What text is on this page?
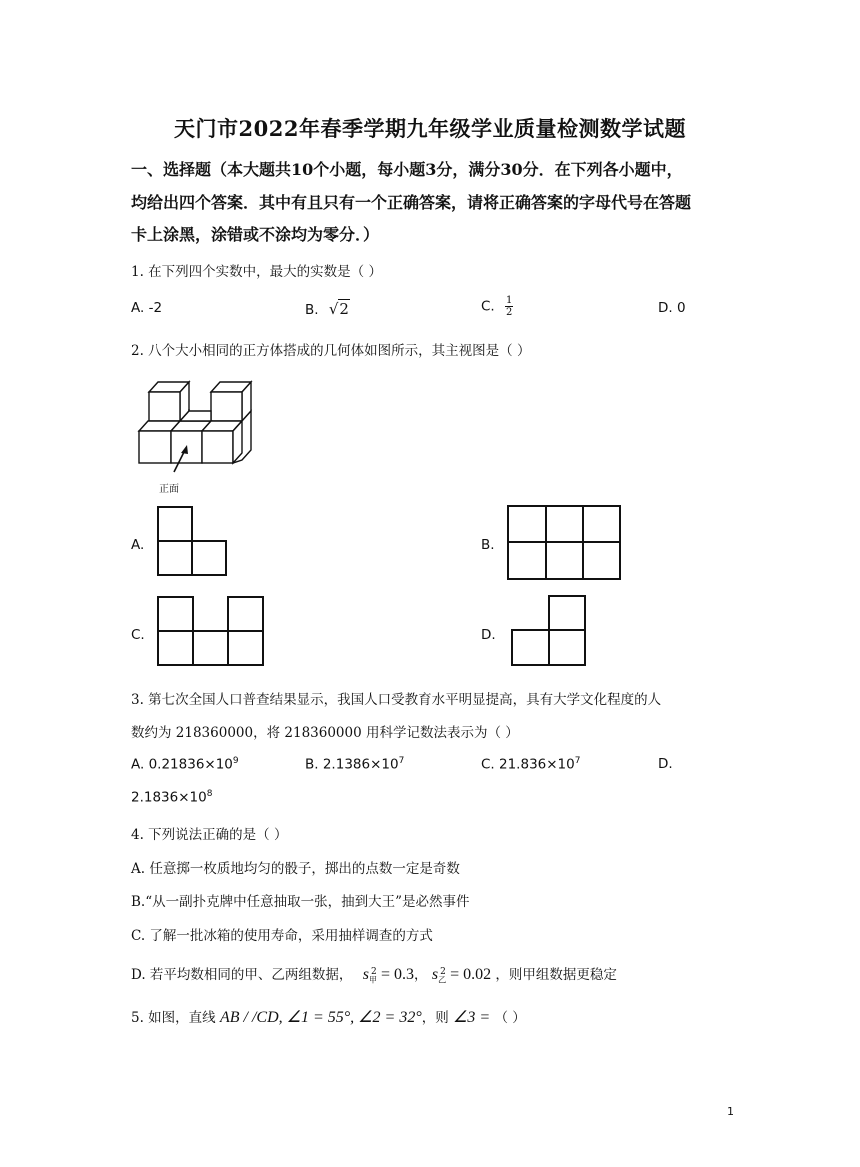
天门市2022年春季学期九年级学业质量检测数学试题
一、选择题（本大题共10个小题，每小题3分，满分30分．在下列各小题中，
均给出四个答案．其中有且只有一个正确答案，请将正确答案的字母代号在答题
卡上涂黑，涂错或不涂均为零分．）
1. 在下列四个实数中，最大的实数是（ ）
A. -2	B. √2	C. $\frac{1}{2}$	D. 0
2. 八个大小相同的正方体搭成的几何体如图所示，其主视图是（ ）
正面
A.	B.
C.	D.
3. 第七次全国人口普查结果显示，我国人口受教育水平明显提高，具有大学文化程度的人
数约为 218360000，将 218360000 用科学记数法表示为（ ）
A. $0.21836\times 10^9$	B. $2.1386\times 10^7$	C. $21.836\times 10^7$	D.
$2.1836\times 10^8$
4. 下列说法正确的是（ ）
A. 任意掷一枚质地均匀的骰子，掷出的点数一定是奇数
B.“从一副扑克牌中任意抽取一张，抽到大王”是必然事件
C. 了解一批冰箱的使用寿命，采用抽样调查的方式
D. 若平均数相同的甲、乙两组数据， $s_甲^2 = 0.3$， $s_乙^2 = 0.02$ ，则甲组数据更稳定
5. 如图，直线 AB / /CD, ∠1 = 55°, ∠2 = 32°，则 ∠3 = （ ）
1
